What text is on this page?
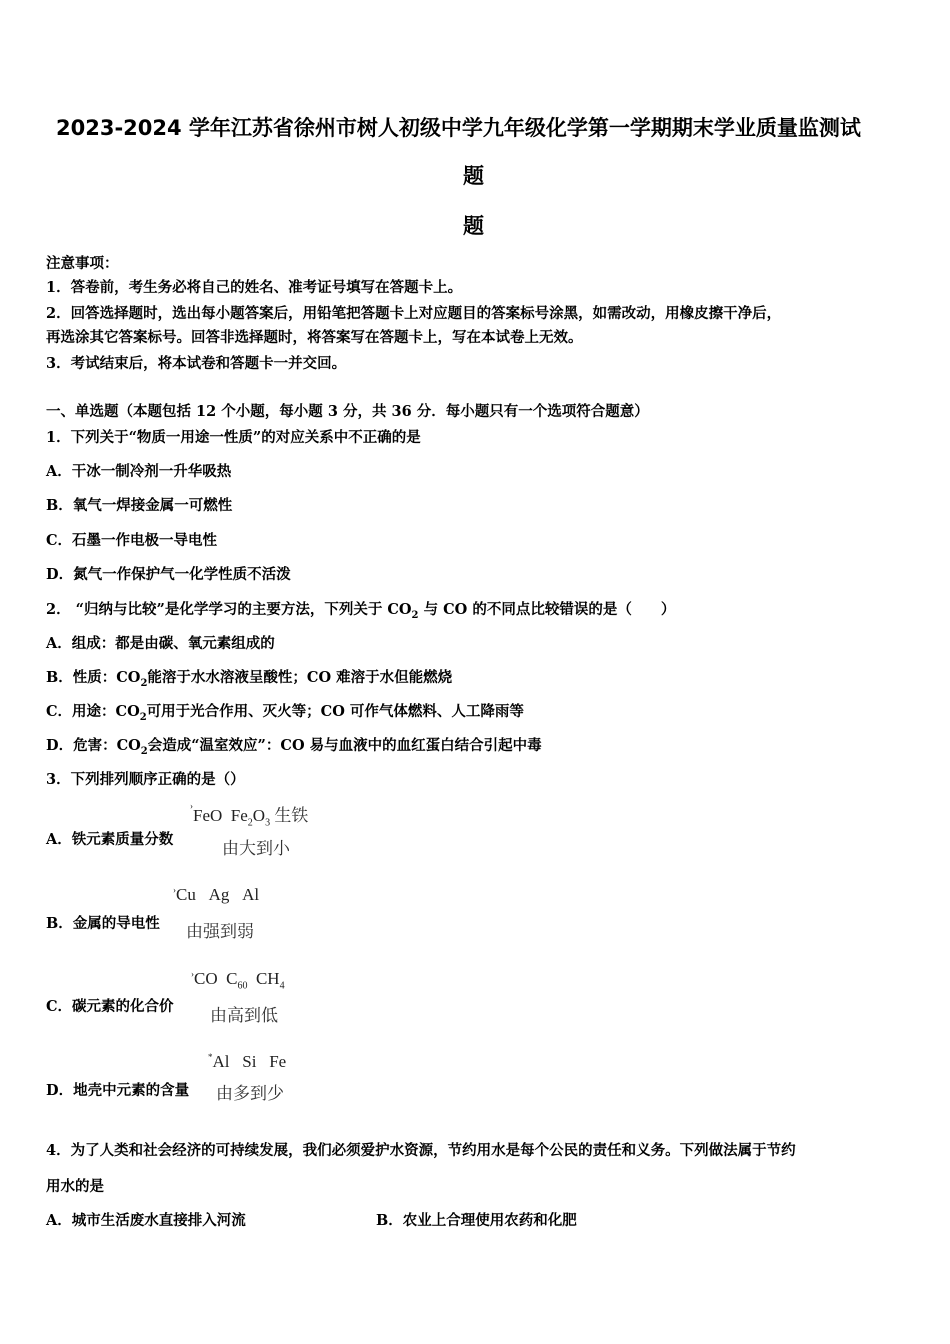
2023-2024 学年江苏省徐州市树人初级中学九年级化学第一学期期末学业质量监测试
题
题
注意事项：
1．答卷前，考生务必将自己的姓名、准考证号填写在答题卡上。
2．回答选择题时，选出每小题答案后，用铅笔把答题卡上对应题目的答案标号涂黑，如需改动，用橡皮擦干净后，
再选涂其它答案标号。回答非选择题时，将答案写在答题卡上，写在本试卷上无效。
3．考试结束后，将本试卷和答题卡一并交回。
一、单选题（本题包括 12 个小题，每小题 3 分，共 36 分．每小题只有一个选项符合题意）
1．下列关于“物质一用途一性质”的对应关系中不正确的是
A．干冰一制冷剂一升华吸热
B．氧气一焊接金属一可燃性
C．石墨一作电极一导电性
D．氮气一作保护气一化学性质不活泼
2． “归纳与比较”是化学学习的主要方法，下列关于 $CO_2$ 与 CO 的不同点比较错误的是（　　）
A．组成：都是由碳、氧元素组成的
B．性质：$CO_2$能溶于水水溶液呈酸性；CO 难溶于水但能燃烧
C．用途：$CO_2$可用于光合作用、灭火等；CO 可作气体燃料、人工降雨等
D．危害：$CO_2$会造成“温室效应”：CO 易与血液中的血红蛋白结合引起中毒
3．下列排列顺序正确的是（）
A．铁元素质量分数
›FeO $Fe_2O_3$ 生铁
由大到小
B．金属的导电性
›Cu Ag Al
由强到弱
C．碳元素的化合价
›CO $C_{60}$ $CH_4$
由高到低
D．地壳中元素的含量
*Al Si Fe
由多到少
4．为了人类和社会经济的可持续发展，我们必须爱护水资源，节约用水是每个公民的责任和义务。下列做法属于节约
用水的是
A．城市生活废水直接排入河流	B．农业上合理使用农药和化肥
